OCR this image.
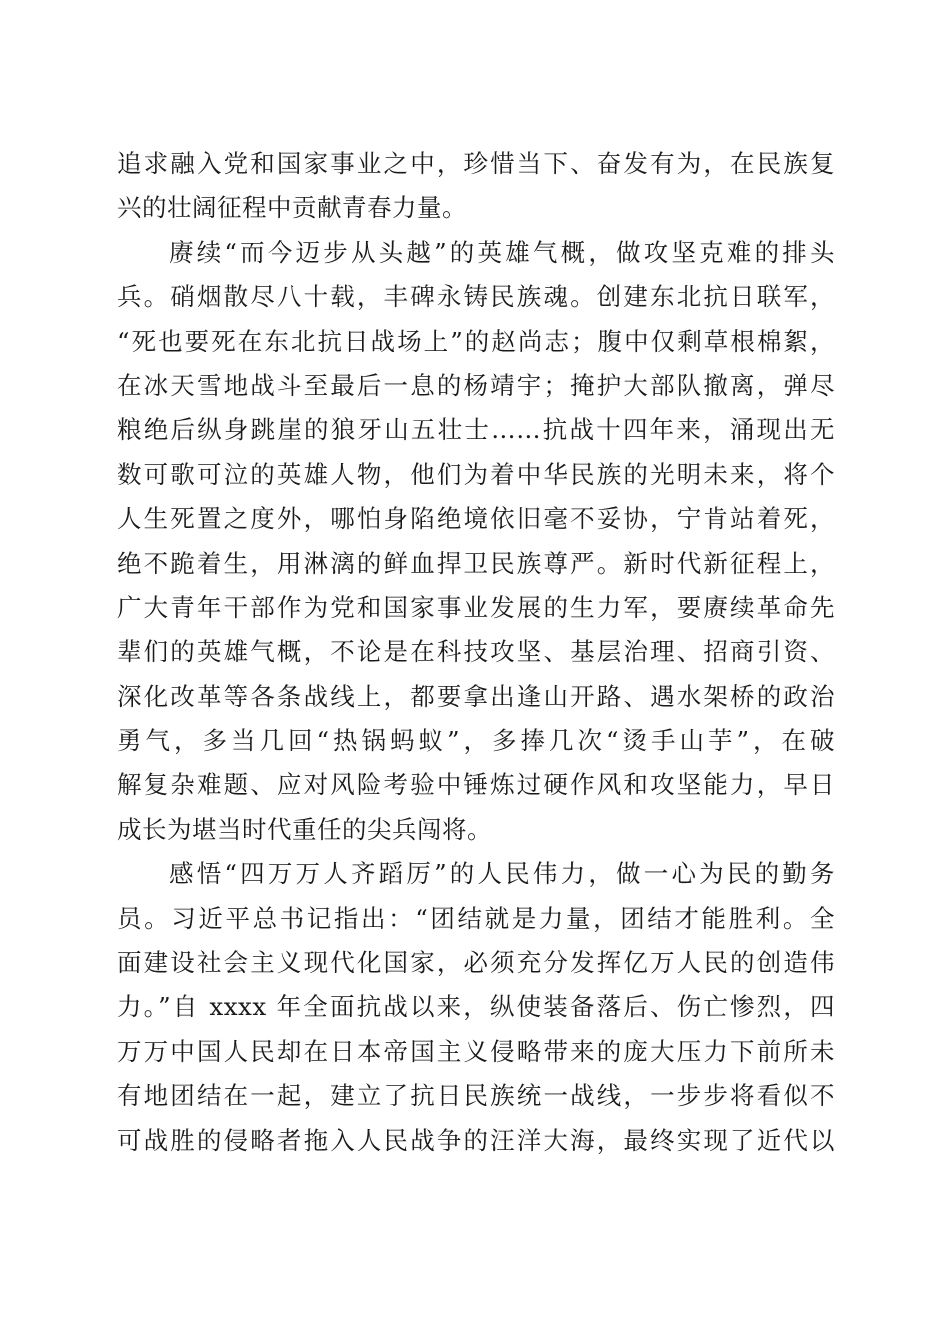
追求融入党和国家事业之中，珍惜当下、奋发有为，在民族复
兴的壮阔征程中贡献青春力量。
赓续“而今迈步从头越”的英雄气概，做攻坚克难的排头
兵。硝烟散尽八十载，丰碑永铸民族魂。创建东北抗日联军，
“死也要死在东北抗日战场上”的赵尚志；腹中仅剩草根棉絮，
在冰天雪地战斗至最后一息的杨靖宇；掩护大部队撤离，弹尽
粮绝后纵身跳崖的狼牙山五壮士……抗战十四年来，涌现出无
数可歌可泣的英雄人物，他们为着中华民族的光明未来，将个
人生死置之度外，哪怕身陷绝境依旧毫不妥协，宁肯站着死，
绝不跪着生，用淋漓的鲜血捍卫民族尊严。新时代新征程上，
广大青年干部作为党和国家事业发展的生力军，要赓续革命先
辈们的英雄气概，不论是在科技攻坚、基层治理、招商引资、
深化改革等各条战线上，都要拿出逢山开路、遇水架桥的政治
勇气，多当几回“热锅蚂蚁”，多捧几次“烫手山芋”，在破
解复杂难题、应对风险考验中锤炼过硬作风和攻坚能力，早日
成长为堪当时代重任的尖兵闯将。
感悟“四万万人齐蹈厉”的人民伟力，做一心为民的勤务
员。习近平总书记指出：“团结就是力量，团结才能胜利。全
面建设社会主义现代化国家，必须充分发挥亿万人民的创造伟
力。”自 xxxx 年全面抗战以来，纵使装备落后、伤亡惨烈，四
万万中国人民却在日本帝国主义侵略带来的庞大压力下前所未
有地团结在一起，建立了抗日民族统一战线，一步步将看似不
可战胜的侵略者拖入人民战争的汪洋大海，最终实现了近代以
